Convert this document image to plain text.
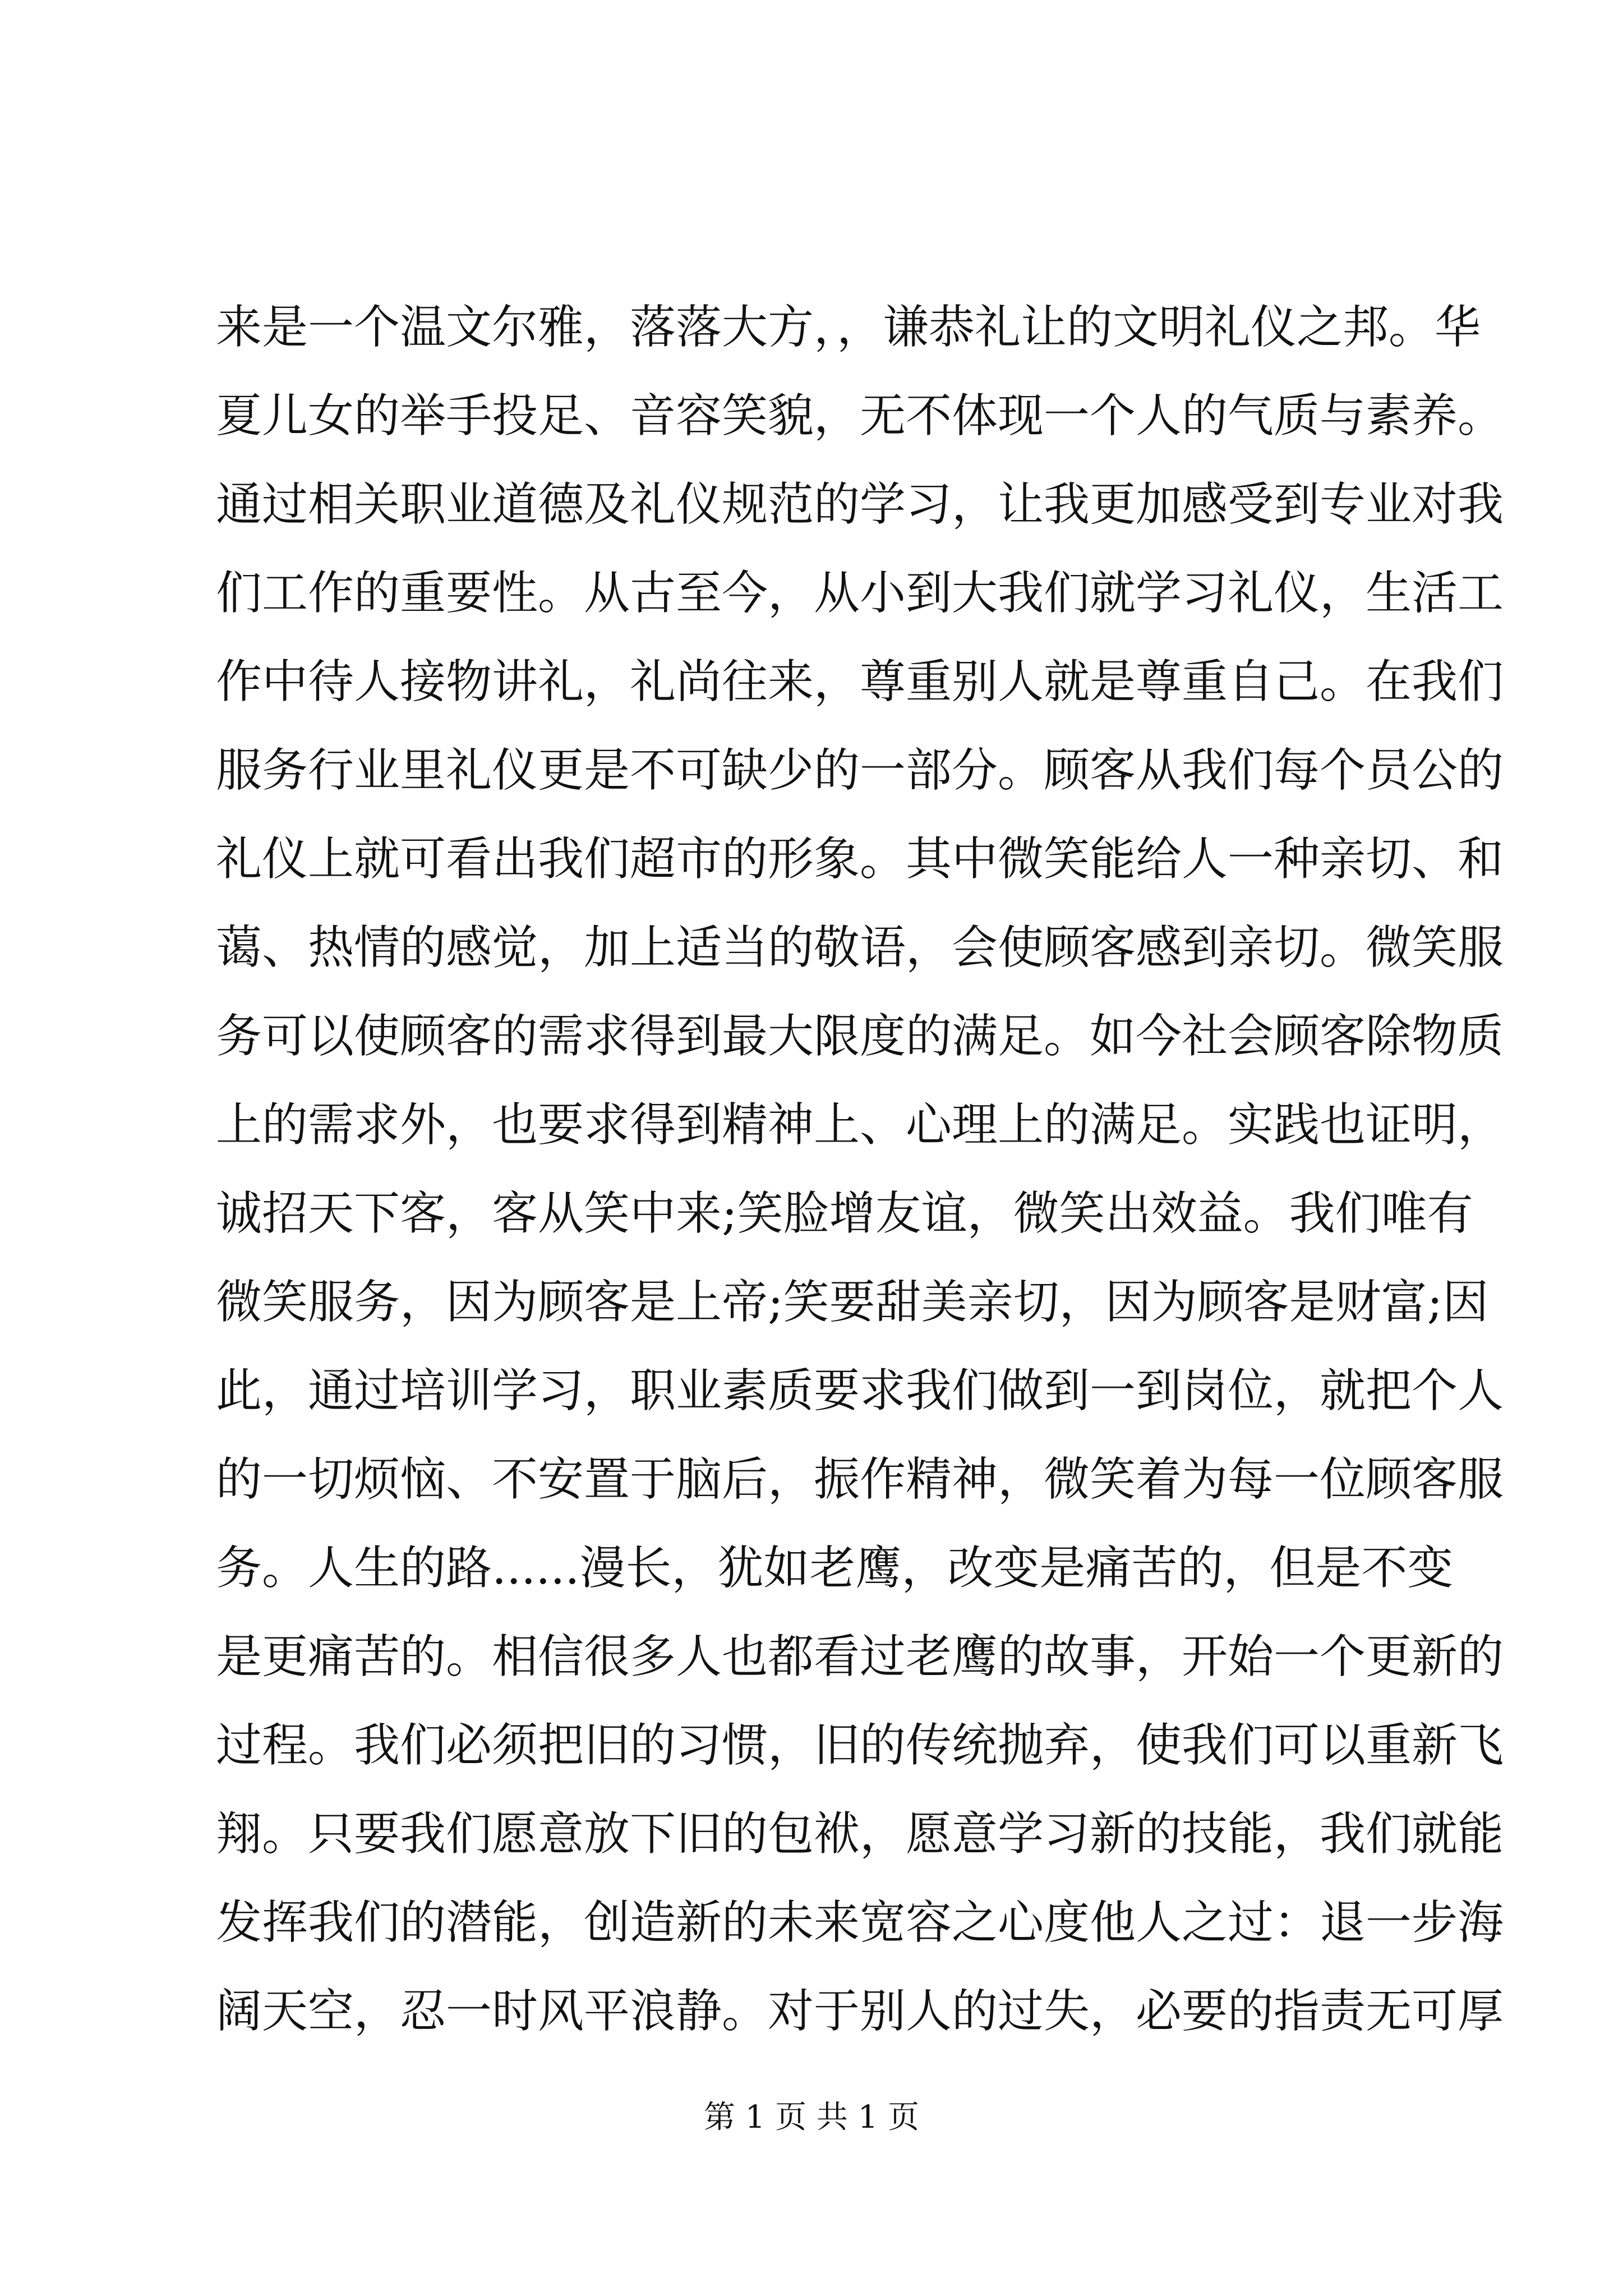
来是一个温文尔雅，落落大方，，谦恭礼让的文明礼仪之邦。华
夏儿女的举手投足、音容笑貌，无不体现一个人的气质与素养。
通过相关职业道德及礼仪规范的学习，让我更加感受到专业对我
们工作的重要性。从古至今，从小到大我们就学习礼仪，生活工
作中待人接物讲礼，礼尚往来，尊重别人就是尊重自己。在我们
服务行业里礼仪更是不可缺少的一部分。顾客从我们每个员公的
礼仪上就可看出我们超市的形象。其中微笑能给人一种亲切、和
蔼、热情的感觉，加上适当的敬语，会使顾客感到亲切。微笑服
务可以使顾客的需求得到最大限度的满足。如今社会顾客除物质
上的需求外，也要求得到精神上、心理上的满足。实践也证明，
诚招天下客，客从笑中来;笑脸增友谊，微笑出效益。我们唯有
微笑服务，因为顾客是上帝;笑要甜美亲切，因为顾客是财富;因
此，通过培训学习，职业素质要求我们做到一到岗位，就把个人
的一切烦恼、不安置于脑后，振作精神，微笑着为每一位顾客服
务。人生的路......漫长，犹如老鹰，改变是痛苦的，但是不变
是更痛苦的。相信很多人也都看过老鹰的故事，开始一个更新的
过程。我们必须把旧的习惯，旧的传统抛弃，使我们可以重新飞
翔。只要我们愿意放下旧的包袱，愿意学习新的技能，我们就能
发挥我们的潜能，创造新的未来宽容之心度他人之过：退一步海
阔天空，忍一时风平浪静。对于别人的过失，必要的指责无可厚
第 1 页 共 1 页
